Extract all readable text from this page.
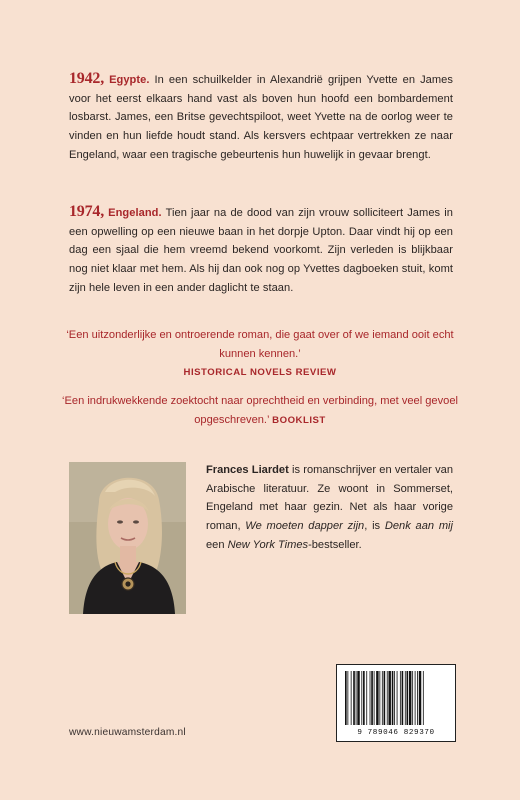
1942, Egypte. In een schuilkelder in Alexandrië grijpen Yvette en James voor het eerst elkaars hand vast als boven hun hoofd een bombardement losbarst. James, een Britse gevechtspiloot, weet Yvette na de oorlog weer te vinden en hun liefde houdt stand. Als kersvers echtpaar vertrekken ze naar Engeland, waar een tragische gebeurtenis hun huwelijk in gevaar brengt.

1974, Engeland. Tien jaar na de dood van zijn vrouw solliciteert James in een opwelling op een nieuwe baan in het dorpje Upton. Daar vindt hij op een dag een sjaal die hem vreemd bekend voorkomt. Zijn verleden is blijkbaar nog niet klaar met hem. Als hij dan ook nog op Yvettes dagboeken stuit, komt zijn hele leven in een ander daglicht te staan.

‘Een uitzonderlijke en ontroerende roman, die gaat over of we iemand ooit echt kunnen kennen.’
HISTORICAL NOVELS REVIEW
‘Een indrukwekkende zoektocht naar oprechtheid en verbinding, met veel gevoel opgeschreven.’ BOOKLIST

Frances Liardet is romanschrijver en vertaler van Arabische literatuur. Ze woont in Sommerset, Engeland met haar gezin. Net als haar vorige roman, We moeten dapper zijn, is Denk aan mij een New York Times-bestseller.

9 789046 829370
www.nieuwamsterdam.nl
